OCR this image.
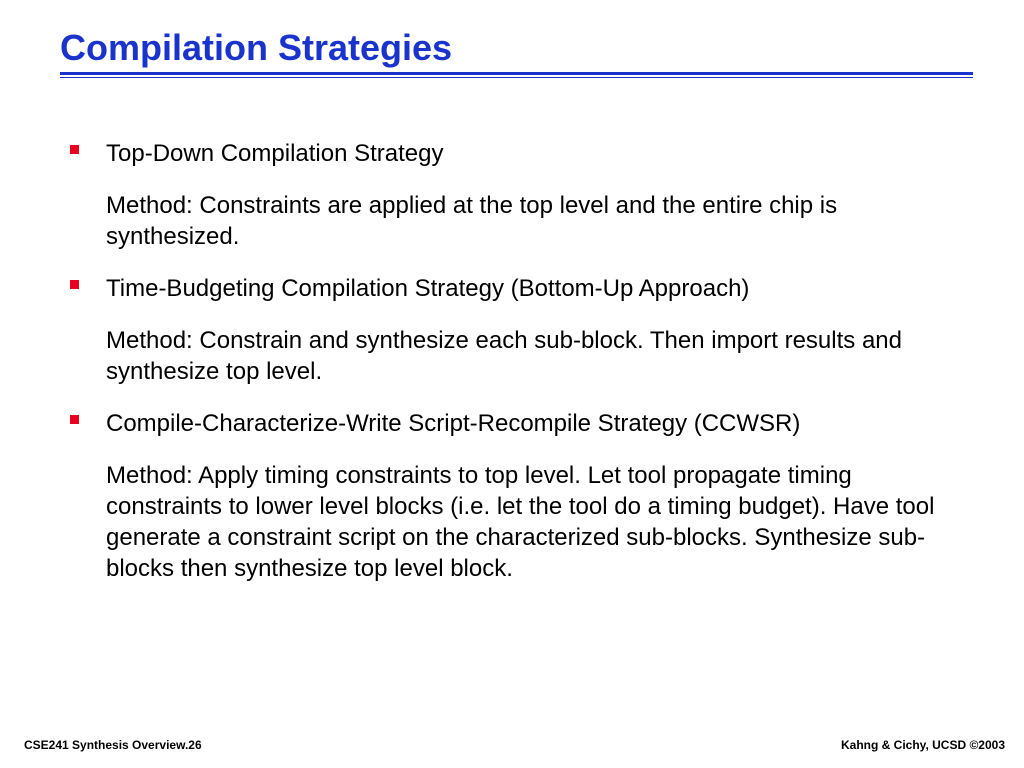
Compilation Strategies
Top-Down Compilation Strategy
Method: Constraints are applied at the top level and the entire chip is synthesized.
Time-Budgeting Compilation Strategy (Bottom-Up Approach)
Method: Constrain and synthesize each sub-block. Then import results and synthesize top level.
Compile-Characterize-Write Script-Recompile Strategy (CCWSR)
Method: Apply timing constraints to top level. Let tool propagate timing constraints to lower level blocks (i.e. let the tool do a timing budget). Have tool generate a constraint script on the characterized sub-blocks. Synthesize sub-blocks then synthesize top level block.
CSE241 Synthesis Overview.26	Kahng & Cichy, UCSD ©2003
